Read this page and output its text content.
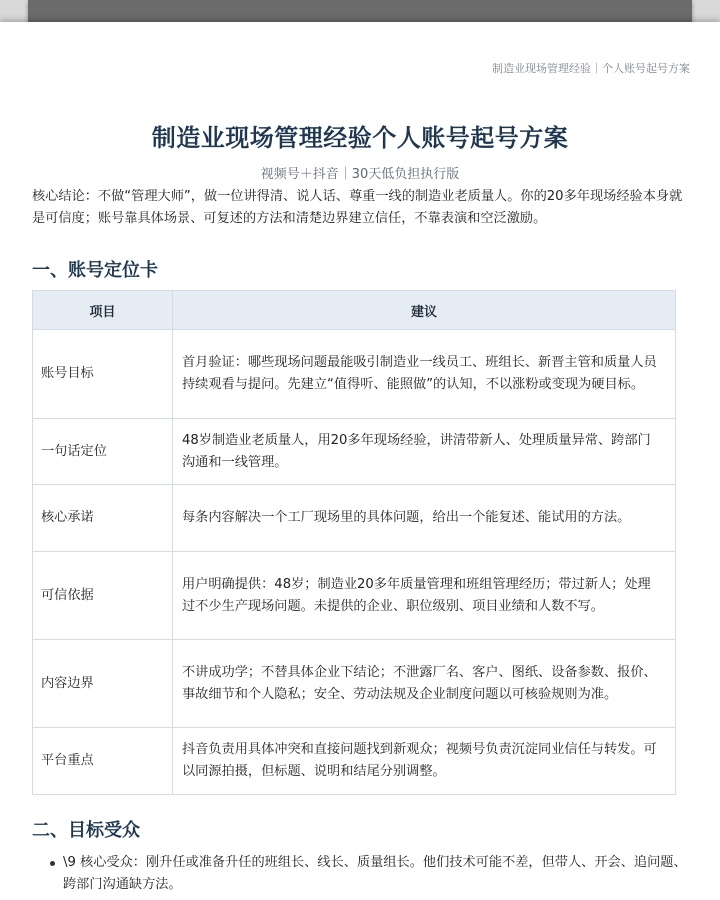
制造业现场管理经验｜个人账号起号方案
制造业现场管理经验个人账号起号方案
视频号＋抖音｜30天低负担执行版
核心结论：不做“管理大师”，做一位讲得清、说人话、尊重一线的制造业老质量人。你的20多年现场经验本身就是可信度；账号靠具体场景、可复述的方法和清楚边界建立信任，不靠表演和空泛激励。
一、账号定位卡
项目	建议
账号目标	首月验证：哪些现场问题最能吸引制造业一线员工、班组长、新晋主管和质量人员持续观看与提问。先建立“值得听、能照做”的认知，不以涨粉或变现为硬目标。
一句话定位	48岁制造业老质量人，用20多年现场经验，讲清带新人、处理质量异常、跨部门沟通和一线管理。
核心承诺	每条内容解决一个工厂现场里的具体问题，给出一个能复述、能试用的方法。
可信依据	用户明确提供：48岁；制造业20多年质量管理和班组管理经历；带过新人；处理过不少生产现场问题。未提供的企业、职位级别、项目业绩和人数不写。
内容边界	不讲成功学；不替具体企业下结论；不泄露厂名、客户、图纸、设备参数、报价、事故细节和个人隐私；安全、劳动法规及企业制度问题以可核验规则为准。
平台重点	抖音负责用具体冲突和直接问题找到新观众；视频号负责沉淀同业信任与转发。可以同源拍摄，但标题、说明和结尾分别调整。
二、目标受众
\9 核心受众：刚升任或准备升任的班组长、线长、质量组长。他们技术可能不差，但带人、开会、追问题、跨部门沟通缺方法。
